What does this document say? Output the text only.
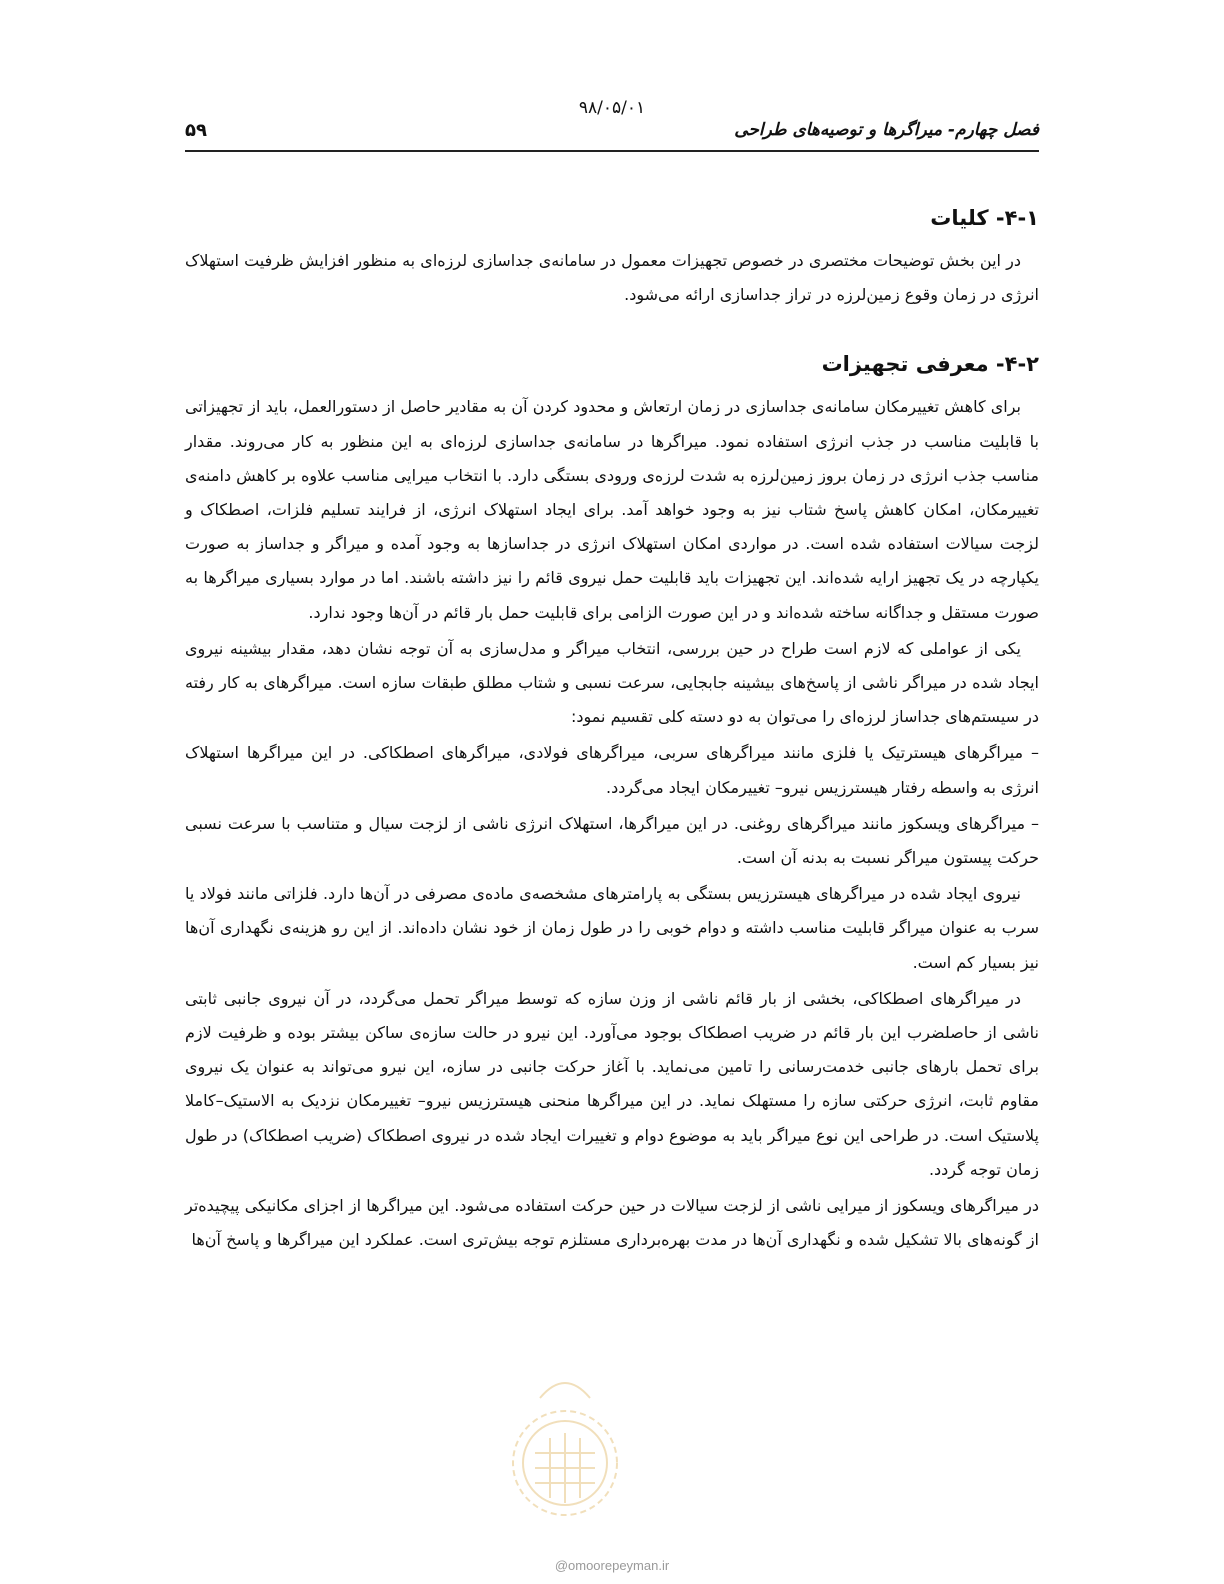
۹۸/۰۵/۰۱
فصل چهارم- میراگرها و توصیه‌های طراحی
۵۹
۴-۱- کلیات

در این بخش توضیحات مختصری در خصوص تجهیزات معمول در سامانه‌ی جداسازی لرزه‌ای به منظور افزایش ظرفیت استهلاک انرژی در زمان وقوع زمین‌لرزه در تراز جداسازی ارائه می‌شود.

۴-۲- معرفی تجهیزات

برای کاهش تغییرمکان سامانه‌ی جداسازی در زمان ارتعاش و محدود کردن آن به مقادیر حاصل از دستورالعمل، باید از تجهیزاتی با قابلیت مناسب در جذب انرژی استفاده نمود. میراگرها در سامانه‌ی جداسازی لرزه‌ای به این منظور به کار می‌روند. مقدار مناسب جذب انرژی در زمان بروز زمین‌لرزه به شدت لرزه‌ی ورودی بستگی دارد. با انتخاب میرایی مناسب علاوه بر کاهش دامنه‌ی تغییرمکان، امکان کاهش پاسخ شتاب نیز به وجود خواهد آمد. برای ایجاد استهلاک انرژی، از فرایند تسلیم فلزات، اصطکاک و لزجت سیالات استفاده شده است. در مواردی امکان استهلاک انرژی در جداسازها به وجود آمده و میراگر و جداساز به صورت یکپارچه در یک تجهیز ارایه شده‌اند. این تجهیزات باید قابلیت حمل نیروی قائم را نیز داشته باشند. اما در موارد بسیاری میراگرها به صورت مستقل و جداگانه ساخته شده‌اند و در این صورت الزامی برای قابلیت حمل بار قائم در آن‌ها وجود ندارد.

یکی از عواملی که لازم است طراح در حین بررسی، انتخاب میراگر و مدل‌سازی به آن توجه نشان دهد، مقدار بیشینه نیروی ایجاد شده در میراگر ناشی از پاسخ‌های بیشینه جابجایی، سرعت نسبی و شتاب مطلق طبقات سازه است. میراگرهای به کار رفته در سیستم‌های جداساز لرزه‌ای را می‌توان به دو دسته کلی تقسیم نمود:

– میراگرهای هیسترتیک یا فلزی مانند میراگرهای سربی، میراگرهای فولادی، میراگرهای اصطکاکی. در این میراگرها استهلاک انرژی به واسطه رفتار هیسترزیس نیرو– تغییرمکان ایجاد می‌گردد.

– میراگرهای ویسکوز مانند میراگرهای روغنی. در این میراگرها، استهلاک انرژی ناشی از لزجت سیال و متناسب با سرعت نسبی حرکت پیستون میراگر نسبت به بدنه آن است.

نیروی ایجاد شده در میراگرهای هیسترزیس بستگی به پارامترهای مشخصه‌ی ماده‌ی مصرفی در آن‌ها دارد. فلزاتی مانند فولاد یا سرب به عنوان میراگر قابلیت مناسب داشته و دوام خوبی را در طول زمان از خود نشان داده‌اند. از این رو هزینه‌ی نگهداری آن‌ها نیز بسیار کم است.

در میراگرهای اصطکاکی، بخشی از بار قائم ناشی از وزن سازه که توسط میراگر تحمل می‌گردد، در آن نیروی جانبی ثابتی ناشی از حاصلضرب این بار قائم در ضریب اصطکاک بوجود می‌آورد. این نیرو در حالت سازه‌ی ساکن بیشتر بوده و ظرفیت لازم برای تحمل بارهای جانبی خدمت‌رسانی را تامین می‌نماید. با آغاز حرکت جانبی در سازه، این نیرو می‌تواند به عنوان یک نیروی مقاوم ثابت، انرژی حرکتی سازه را مستهلک نماید. در این میراگرها منحنی هیسترزیس نیرو– تغییرمکان نزدیک به الاستیک–کاملا پلاستیک است. در طراحی این نوع میراگر باید به موضوع دوام و تغییرات ایجاد شده در نیروی اصطکاک (ضریب اصطکاک) در طول زمان توجه گردد.

در میراگرهای ویسکوز از میرایی ناشی از لزجت سیالات در حین حرکت استفاده می‌شود. این میراگرها از اجزای مکانیکی پیچیده‌تر از گونه‌های بالا تشکیل شده و نگهداری آن‌ها در مدت بهره‌برداری مستلزم توجه بیش‌تری است. عملکرد این میراگرها و پاسخ آن‌ها

@omoorepeyman.ir
